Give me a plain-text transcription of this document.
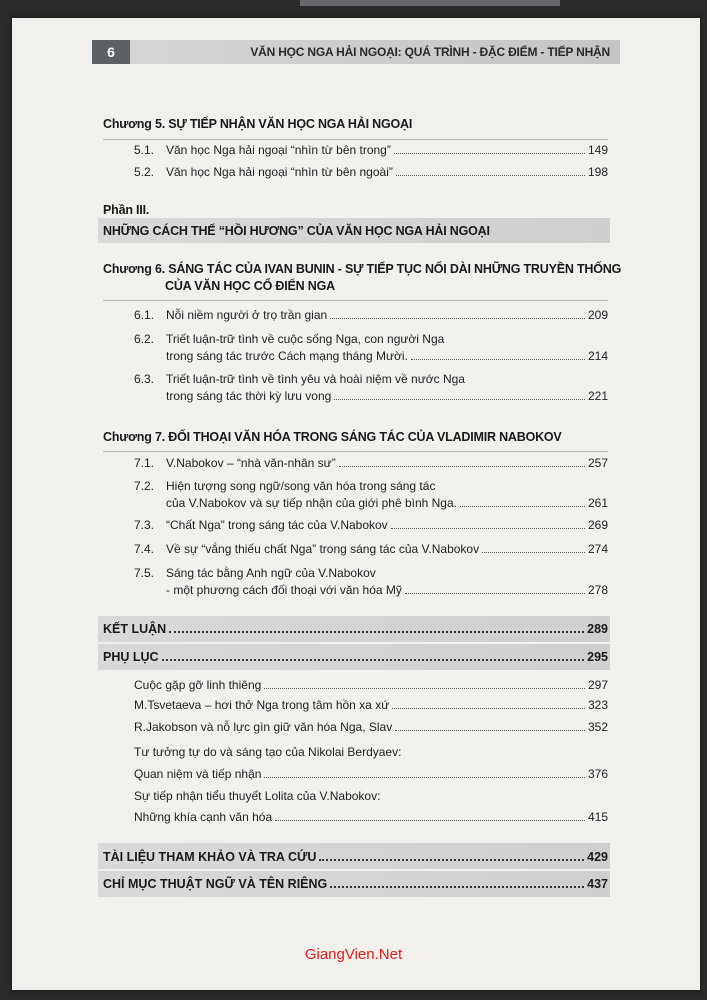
6	VĂN HỌC NGA HẢI NGOẠI: QUÁ TRÌNH - ĐẶC ĐIỂM - TIẾP NHẬN
Chương 5. SỰ TIẾP NHẬN VĂN HỌC NGA HẢI NGOẠI
5.1. Văn học Nga hải ngoại “nhìn từ bên trong”	149
5.2. Văn học Nga hải ngoại “nhìn từ bên ngoài”	198
Phần III.
NHỮNG CÁCH THẾ “HỒI HƯƠNG” CỦA VĂN HỌC NGA HẢI NGOẠI
Chương 6. SÁNG TÁC CỦA IVAN BUNIN - SỰ TIẾP TỤC NỐI DÀI NHỮNG TRUYỀN THỐNG
CỦA VĂN HỌC CỔ ĐIỂN NGA
6.1. Nỗi niềm người ở trọ trần gian	209
6.2. Triết luận-trữ tình về cuộc sống Nga, con người Nga
trong sáng tác trước Cách mạng tháng Mười.	214
6.3. Triết luận-trữ tình về tình yêu và hoài niệm về nước Nga
trong sáng tác thời kỳ lưu vong	221
Chương 7. ĐỐI THOẠI VĂN HÓA TRONG SÁNG TÁC CỦA VLADIMIR NABOKOV
7.1. V.Nabokov – “nhà văn-nhân sư”	257
7.2. Hiện tượng song ngữ/song văn hóa trong sáng tác
của V.Nabokov và sự tiếp nhận của giới phê bình Nga.	261
7.3. “Chất Nga” trong sáng tác của V.Nabokov	269
7.4. Về sự “vắng thiếu chất Nga” trong sáng tác của V.Nabokov	274
7.5. Sáng tác bằng Anh ngữ của V.Nabokov
- một phương cách đối thoại với văn hóa Mỹ	278
KẾT LUẬN	289
PHỤ LỤC	295
Cuộc gặp gỡ linh thiêng	297
M.Tsvetaeva – hơi thở Nga trong tâm hồn xa xứ	323
R.Jakobson và nỗ lực gìn giữ văn hóa Nga, Slav	352
Tư tưởng tự do và sáng tạo của Nikolai Berdyaev:
Quan niệm và tiếp nhận	376
Sự tiếp nhận tiểu thuyết Lolita của V.Nabokov:
Những khía cạnh văn hóa	415
TÀI LIỆU THAM KHẢO VÀ TRA CỨU	429
CHỈ MỤC THUẬT NGỮ VÀ TÊN RIÊNG	437
GiangVien.Net
